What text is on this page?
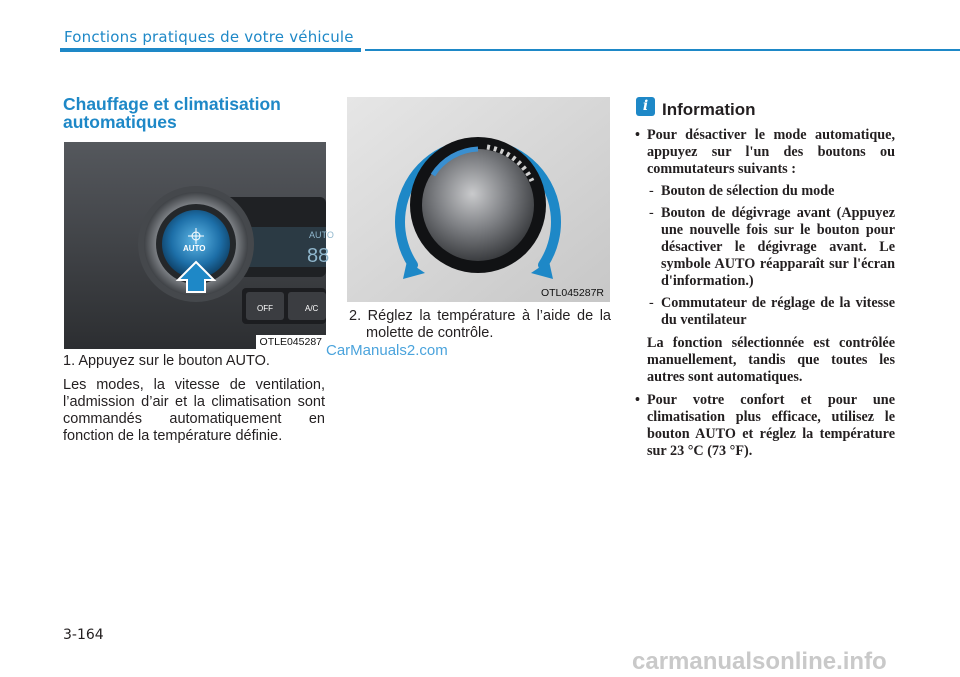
Fonctions pratiques de votre véhicule
Chauffage et climatisation automatiques
AUTO
88
OFF	A/C
AUTO
OTLE045287
OTL045287R
CarManuals2.com
1. Appuyez sur le bouton AUTO.
Les modes, la vitesse de ventilation, l’admission d’air et la climatisation sont commandés automatiquement en fonction de la température définie.
2. Réglez la température à l’aide de la molette de contrôle.
i Information
• Pour désactiver le mode automatique, appuyez sur l'un des boutons ou commutateurs suivants :
- Bouton de sélection du mode
- Bouton de dégivrage avant (Appuyez une nouvelle fois sur le bouton pour désactiver le dégivrage avant. Le symbole AUTO réapparaît sur l'écran d'information.)
- Commutateur de réglage de la vitesse du ventilateur
La fonction sélectionnée est contrôlée manuellement, tandis que toutes les autres sont automatiques.
• Pour votre confort et pour une climatisation plus efficace, utilisez le bouton AUTO et réglez la température sur 23 °C (73 °F).
3-164
carmanualsonline.info
